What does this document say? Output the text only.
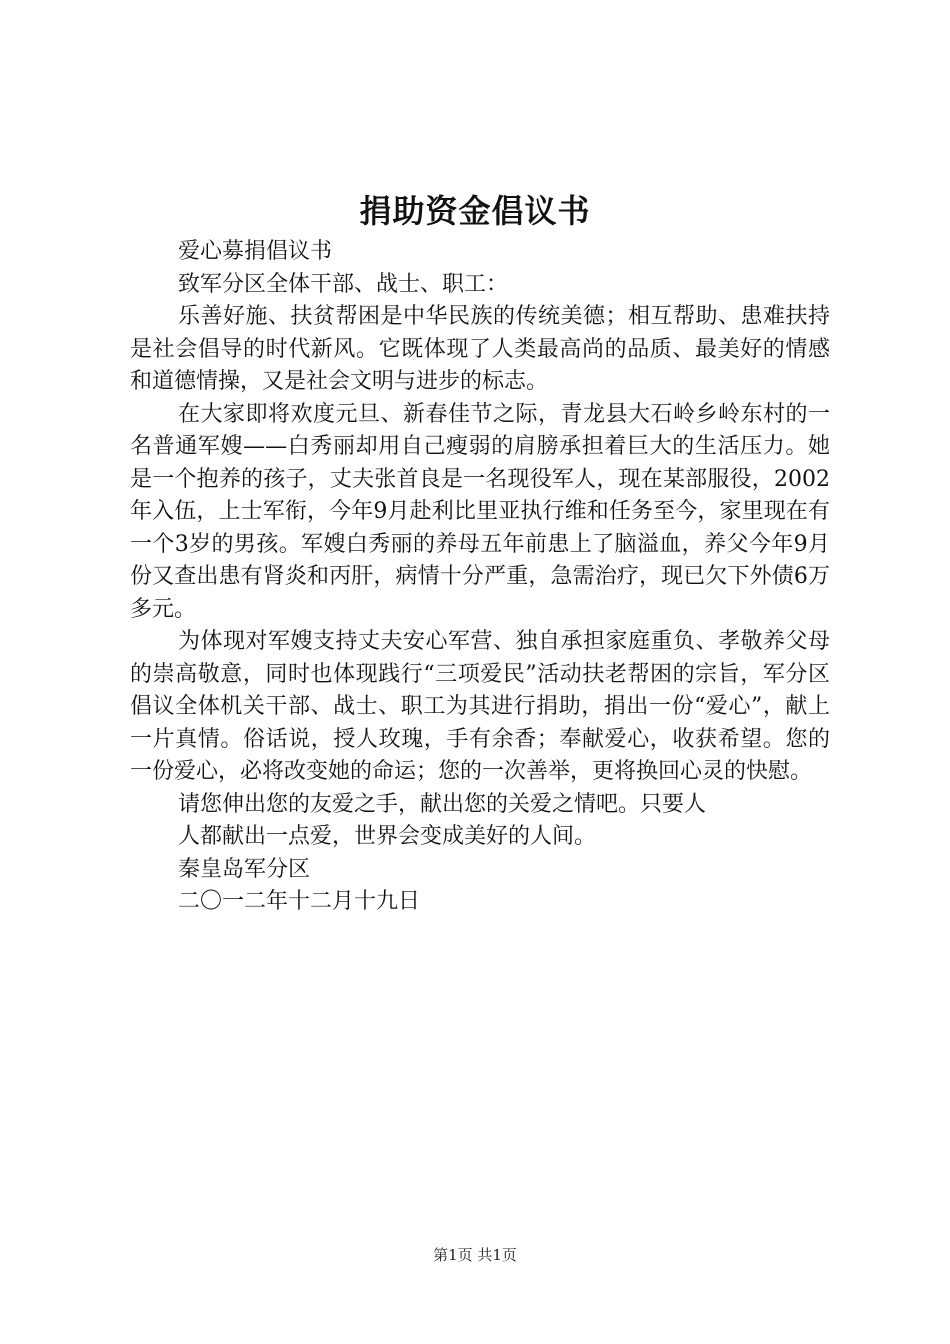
捐助资金倡议书

爱心募捐倡议书

致军分区全体干部、战士、职工：

乐善好施、扶贫帮困是中华民族的传统美德；相互帮助、患难扶持是社会倡导的时代新风。它既体现了人类最高尚的品质、最美好的情感和道德情操，又是社会文明与进步的标志。

在大家即将欢度元旦、新春佳节之际，青龙县大石岭乡岭东村的一名普通军嫂——白秀丽却用自己瘦弱的肩膀承担着巨大的生活压力。她是一个抱养的孩子，丈夫张首良是一名现役军人，现在某部服役，2002年入伍，上士军衔，今年9月赴利比里亚执行维和任务至今，家里现在有一个3岁的男孩。军嫂白秀丽的养母五年前患上了脑溢血，养父今年9月份又查出患有肾炎和丙肝，病情十分严重，急需治疗，现已欠下外债6万多元。

为体现对军嫂支持丈夫安心军营、独自承担家庭重负、孝敬养父母的崇高敬意，同时也体现践行“三项爱民”活动扶老帮困的宗旨，军分区倡议全体机关干部、战士、职工为其进行捐助，捐出一份“爱心”，献上一片真情。俗话说，授人玫瑰，手有余香；奉献爱心，收获希望。您的一份爱心，必将改变她的命运；您的一次善举，更将换回心灵的快慰。

请您伸出您的友爱之手，献出您的关爱之情吧。只要人

人都献出一点爱，世界会变成美好的人间。

秦皇岛军分区

二〇一二年十二月十九日

第1页 共1页
